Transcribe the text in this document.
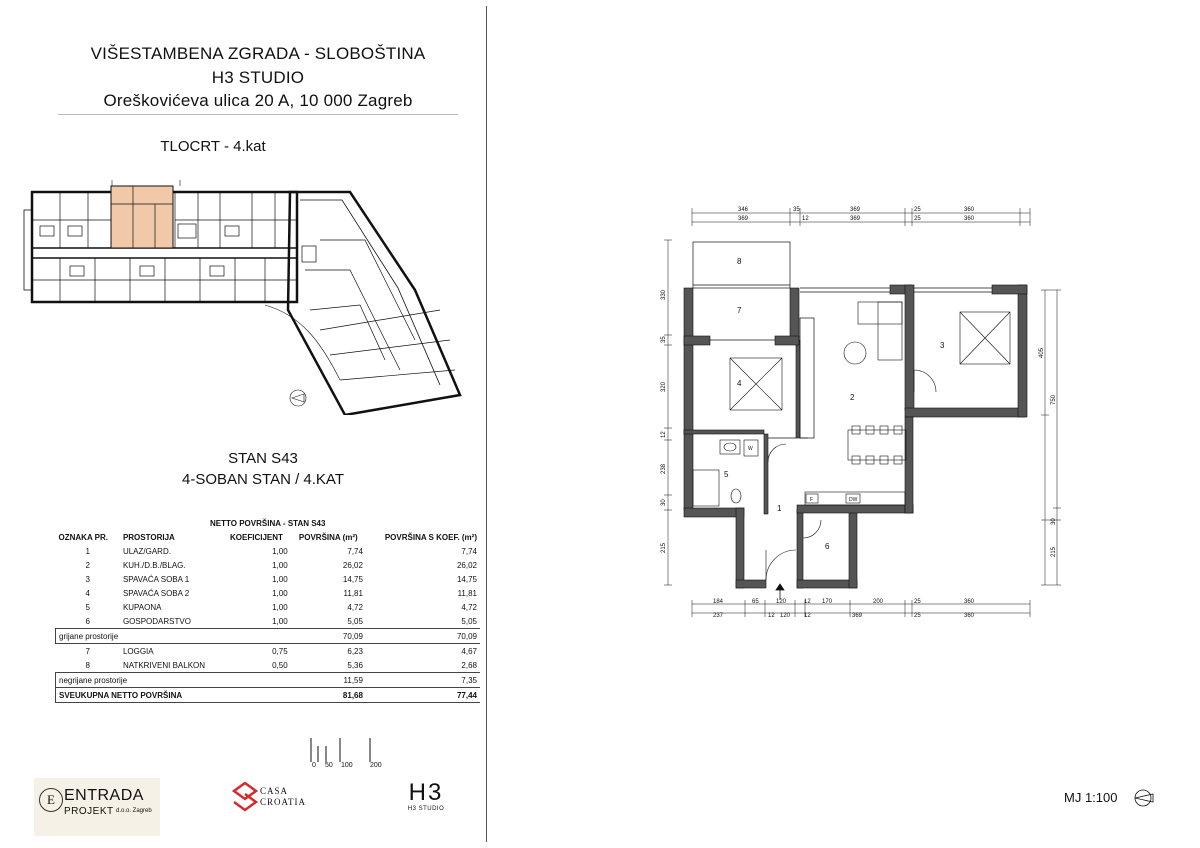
VIŠESTAMBENA ZGRADA - SLOBOŠTINA
H3 STUDIO
Oreškovićeva ulica 20 A, 10 000 Zagreb
TLOCRT - 4.kat
STAN S43
4-SOBAN STAN / 4.KAT
NETTO POVRŠINA - STAN S43				
OZNAKA PR.	PROSTORIJA	KOEFICIJENT	POVRŠINA (m²)	POVRŠINA S KOEF. (m²)
1	ULAZ/GARD.	1,00	7,74	7,74
2	KUH./D.B./BLAG.	1,00	26,02	26,02
3	SPAVAĆA SOBA 1	1,00	14,75	14,75
4	SPAVAĆA SOBA 2	1,00	11,81	11,81
5	KUPAONA	1,00	4,72	4,72
6	GOSPODARSTVO	1,00	5,05	5,05
grijane prostorije			70,09	70,09
7	LOGGIA	0,75	6,23	4,67
8	NATKRIVENI BALKON	0,50	5,36	2,68
negrijane prostorije			11,59	7,35
SVEUKUPNA NETTO POVRŠINA			81,68	77,44
0 50 100 200
E ENTRADA
PROJEKT d.o.o. Zagreb
CASA
CROATIA	H3
H3 STUDIO
346	35	369	25	360
369	12	369	25	360
330
35
320
12
238
30
215
405
750
30
215
184	65	120	12 170	200	25	360
237	12 120 12	369	25	360
W
F	DW
1
2
3
4
5
6
7
8
MJ 1:100
